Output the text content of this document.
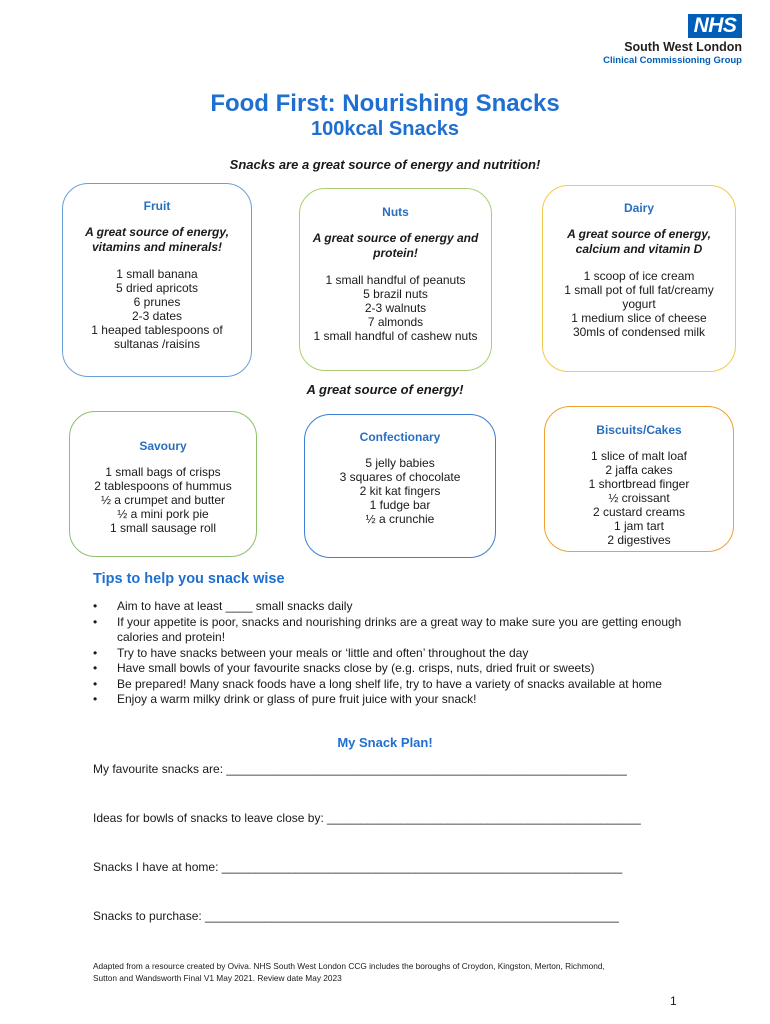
NHS
South West London
Clinical Commissioning Group
Food First: Nourishing Snacks
100kcal Snacks
Snacks are a great source of energy and nutrition!
Fruit
A great source of energy, vitamins and minerals!
1 small banana
5 dried apricots
6 prunes
2-3 dates
1 heaped tablespoons of sultanas /raisins
Nuts
A great source of energy and protein!
1 small handful of peanuts
5 brazil nuts
2-3 walnuts
7 almonds
1 small handful of cashew nuts
Dairy
A great source of energy, calcium and vitamin D
1 scoop of ice cream
1 small pot of full fat/creamy yogurt
1 medium slice of cheese
30mls of condensed milk
A great source of energy!
Savoury
1 small bags of crisps
2 tablespoons of hummus
½ a crumpet and butter
½ a mini pork pie
1 small sausage roll
Confectionary
5 jelly babies
3 squares of chocolate
2 kit kat fingers
1 fudge bar
½ a crunchie
Biscuits/Cakes
1 slice of malt loaf
2 jaffa cakes
1 shortbread finger
½ croissant
2 custard creams
1 jam tart
2 digestives
Tips to help you snack wise
• Aim to have at least ____ small snacks daily
• If your appetite is poor, snacks and nourishing drinks are a great way to make sure you are getting enough calories and protein!
• Try to have snacks between your meals or ‘little and often’ throughout the day
• Have small bowls of your favourite snacks close by (e.g. crisps, nuts, dried fruit or sweets)
• Be prepared! Many snack foods have a long shelf life, try to have a variety of snacks available at home
• Enjoy a warm milky drink or glass of pure fruit juice with your snack!
My Snack Plan!
My favourite snacks are: ____________________________________________________________
Ideas for bowls of snacks to leave close by: _______________________________________________
Snacks I have at home: ____________________________________________________________
Snacks to purchase: ______________________________________________________________
Adapted from a resource created by Oviva. NHS South West London CCG includes the boroughs of Croydon, Kingston, Merton, Richmond,
Sutton and Wandsworth Final V1 May 2021. Review date May 2023
1
